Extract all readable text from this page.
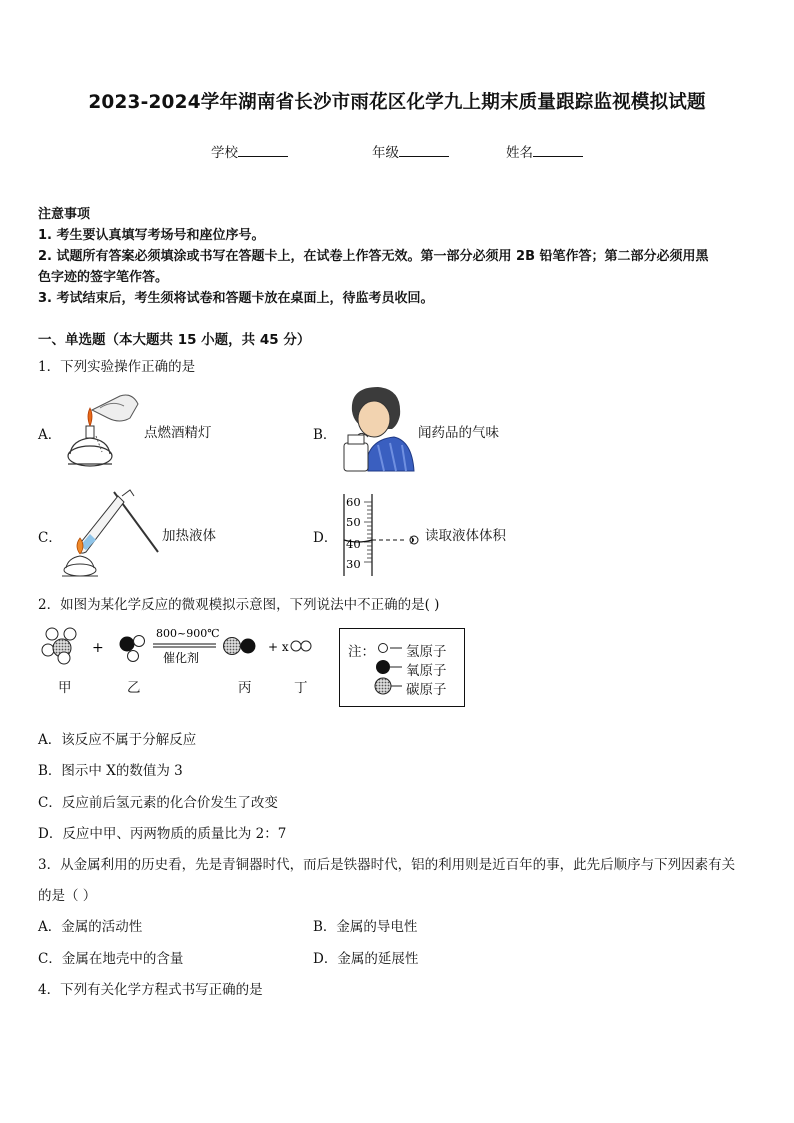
2023-2024学年湖南省长沙市雨花区化学九上期末质量跟踪监视模拟试题
学校	年级	姓名
注意事项
1. 考生要认真填写考场号和座位序号。
2. 试题所有答案必须填涂或书写在答题卡上，在试卷上作答无效。第一部分必须用 2B 铅笔作答；第二部分必须用黑
色字迹的签字笔作答。
3. 考试结束后，考生须将试卷和答题卡放在桌面上，待监考员收回。
一、单选题（本大题共 15 小题，共 45 分）
1．下列实验操作正确的是
A．	点燃酒精灯	B．	闻药品的气味
C．	加热液体	D．
60
50
40
30
读取液体体积
2．如图为某化学反应的微观模拟示意图，下列说法中不正确的是( )
+
800~900℃
催化剂
+ x
甲	乙	丙	丁
注： 氢原子
氧原子
碳原子
A．该反应不属于分解反应
B．图示中 X的数值为 3
C．反应前后氢元素的化合价发生了改变
D．反应中甲、丙两物质的质量比为 2：7
3．从金属利用的历史看，先是青铜器时代，而后是铁器时代，铝的利用则是近百年的事，此先后顺序与下列因素有关
的是（ ）
A．金属的活动性	B．金属的导电性
C．金属在地壳中的含量	D．金属的延展性
4．下列有关化学方程式书写正确的是
